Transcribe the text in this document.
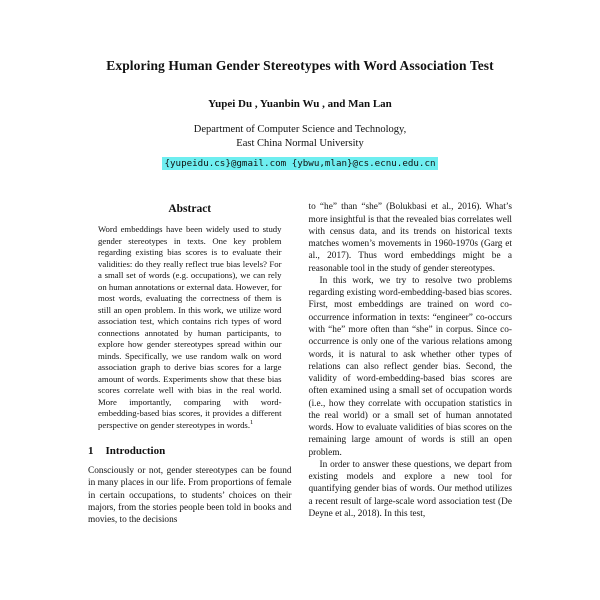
Exploring Human Gender Stereotypes with Word Association Test
Yupei Du , Yuanbin Wu , and Man Lan
Department of Computer Science and Technology,
East China Normal University
{yupeidu.cs}@gmail.com {ybwu,mlan}@cs.ecnu.edu.cn
Abstract
Word embeddings have been widely used to study gender stereotypes in texts. One key problem regarding existing bias scores is to evaluate their validities: do they really reflect true bias levels? For a small set of words (e.g. occupations), we can rely on human annotations or external data. However, for most words, evaluating the correctness of them is still an open problem. In this work, we utilize word association test, which contains rich types of word connections annotated by human participants, to explore how gender stereotypes spread within our minds. Specifically, we use random walk on word association graph to derive bias scores for a large amount of words. Experiments show that these bias scores correlate well with bias in the real world. More importantly, comparing with word-embedding-based bias scores, it provides a different perspective on gender stereotypes in words.$^1$
1 Introduction

Consciously or not, gender stereotypes can be found in many places in our life. From proportions of female in certain occupations, to students’ choices on their majors, from the stories people been told in books and movies, to the decisions

to “he” than “she” (Bolukbasi et al., 2016). What’s more insightful is that the revealed bias correlates well with census data, and its trends on historical texts matches women’s movements in 1960-1970s (Garg et al., 2017). Thus word embeddings might be a reasonable tool in the study of gender stereotypes.

In this work, we try to resolve two problems regarding existing word-embedding-based bias scores. First, most embeddings are trained on word co-occurrence information in texts: “engineer” co-occurs with “he” more often than “she” in corpus. Since co-occurrence is only one of the various relations among words, it is natural to ask whether other types of relations can also reflect gender bias. Second, the validity of word-embedding-based bias scores are often examined using a small set of occupation words (i.e., how they correlate with occupation statistics in the real world) or a small set of human annotated words. How to evaluate validities of bias scores on the remaining large amount of words is still an open problem.

In order to answer these questions, we depart from existing models and explore a new tool for quantifying gender bias of words. Our method utilizes a recent result of large-scale word association test (De Deyne et al., 2018). In this test,
